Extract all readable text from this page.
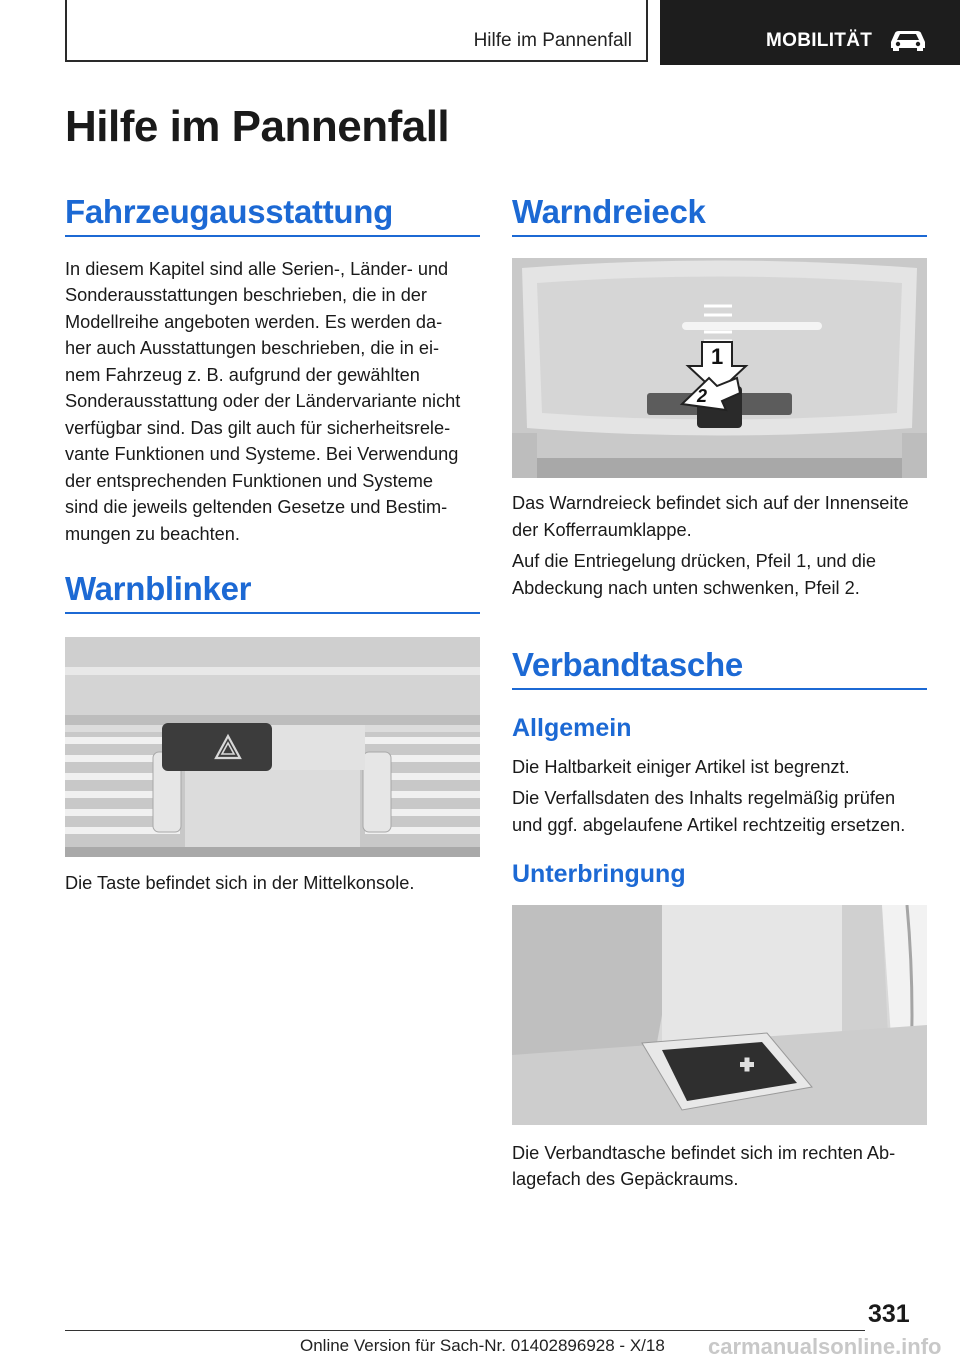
Hilfe im Pannenfall	MOBILITÄT
Hilfe im Pannenfall
Fahrzeugausstattung

In diesem Kapitel sind alle Serien-, Länder- und

Sonderausstattungen beschrieben, die in der

Modellreihe angeboten werden. Es werden da-

her auch Ausstattungen beschrieben, die in ei-

nem Fahrzeug z. B. aufgrund der gewählten

Sonderausstattung oder der Ländervariante nicht

verfügbar sind. Das gilt auch für sicherheitsrele-

vante Funktionen und Systeme. Bei Verwendung

der entsprechenden Funktionen und Systeme

sind die jeweils geltenden Gesetze und Bestim-

mungen zu beachten.

Warnblinker

Die Taste befindet sich in der Mittelkonsole.

Warndreieck
1
2

Das Warndreieck befindet sich auf der Innenseite

der Kofferraumklappe.

Auf die Entriegelung drücken, Pfeil 1, und die

Abdeckung nach unten schwenken, Pfeil 2.

Verbandtasche
Allgemein

Die Haltbarkeit einiger Artikel ist begrenzt.

Die Verfallsdaten des Inhalts regelmäßig prüfen

und ggf. abgelaufene Artikel rechtzeitig ersetzen.

Unterbringung

Die Verbandtasche befindet sich im rechten Ab-

lagefach des Gepäckraums.

331
Online Version für Sach-Nr. 01402896928 - X/18 carmanualsonline.info
